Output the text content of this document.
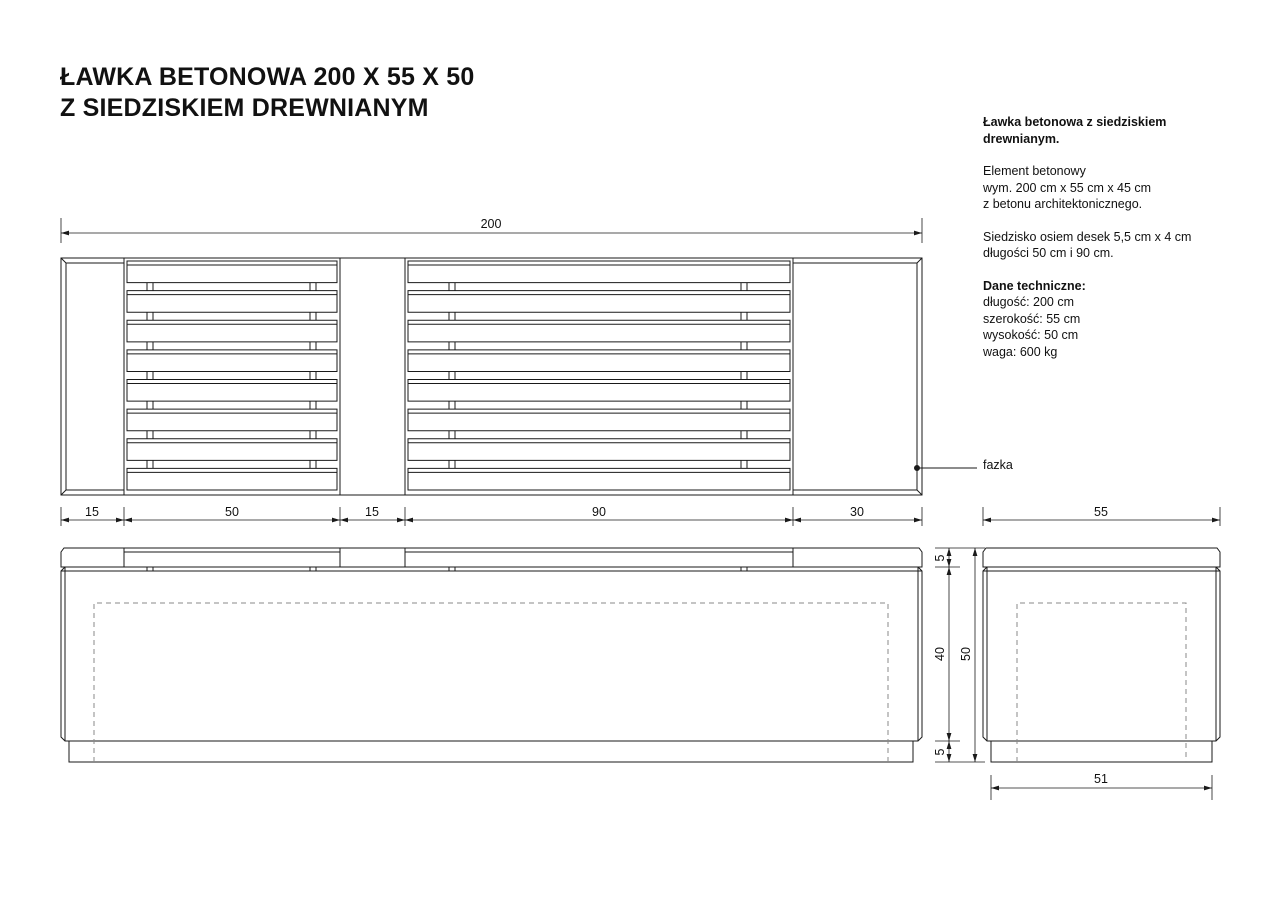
ŁAWKA BETONOWA 200 X 55 X 50
Z SIEDZISKIEM DREWNIANYM	Ławka betonowa z siedziskiem
drewnianym.

Element betonowy
wym. 200 cm x 55 cm x 45 cm
z betonu architektonicznego.

Siedzisko osiem desek 5,5 cm x 4 cm
długości 50 cm i 90 cm.

Dane techniczne:
długość: 200 cm
szerokość: 55 cm
wysokość: 50 cm
waga: 600 kg

200
15	50	15	90	30	55
51
5
40
5
50
fazka
